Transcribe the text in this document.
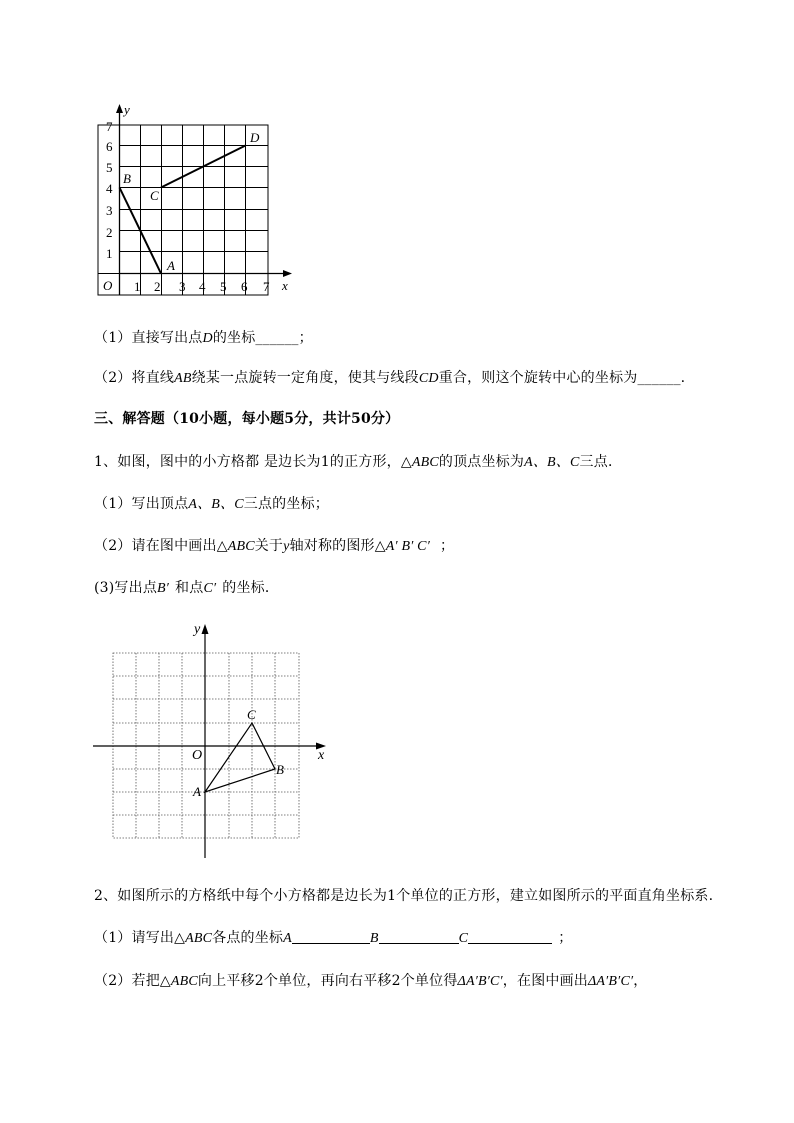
y
x
O 1 2 3 4 5 6 7
1
2
3
4
5
6
7
A
B
C
D
（1）直接写出点D的坐标______；
（2）将直线AB绕某一点旋转一定角度，使其与线段CD重合，则这个旋转中心的坐标为______.
三、解答题（10小题，每小题5分，共计50分）
1、如图，图中的小方格都 是边长为1的正方形，△ABC的顶点坐标为A、B、C三点．
（1）写出顶点A、B、C三点的坐标；
（2）请在图中画出△ABC关于y轴对称的图形△A′ B′ C′ ；
(3)写出点B′ 和点C′ 的坐标．
y
x
O
A
B
C
2、如图所示的方格纸中每个小方格都是边长为1个单位的正方形，建立如图所示的平面直角坐标系.
（1）请写出△ABC各点的坐标A	B	C	；
（2）若把△ABC向上平移2个单位，再向右平移2个单位得ΔA′B′C′，在图中画出ΔA′B′C′，
